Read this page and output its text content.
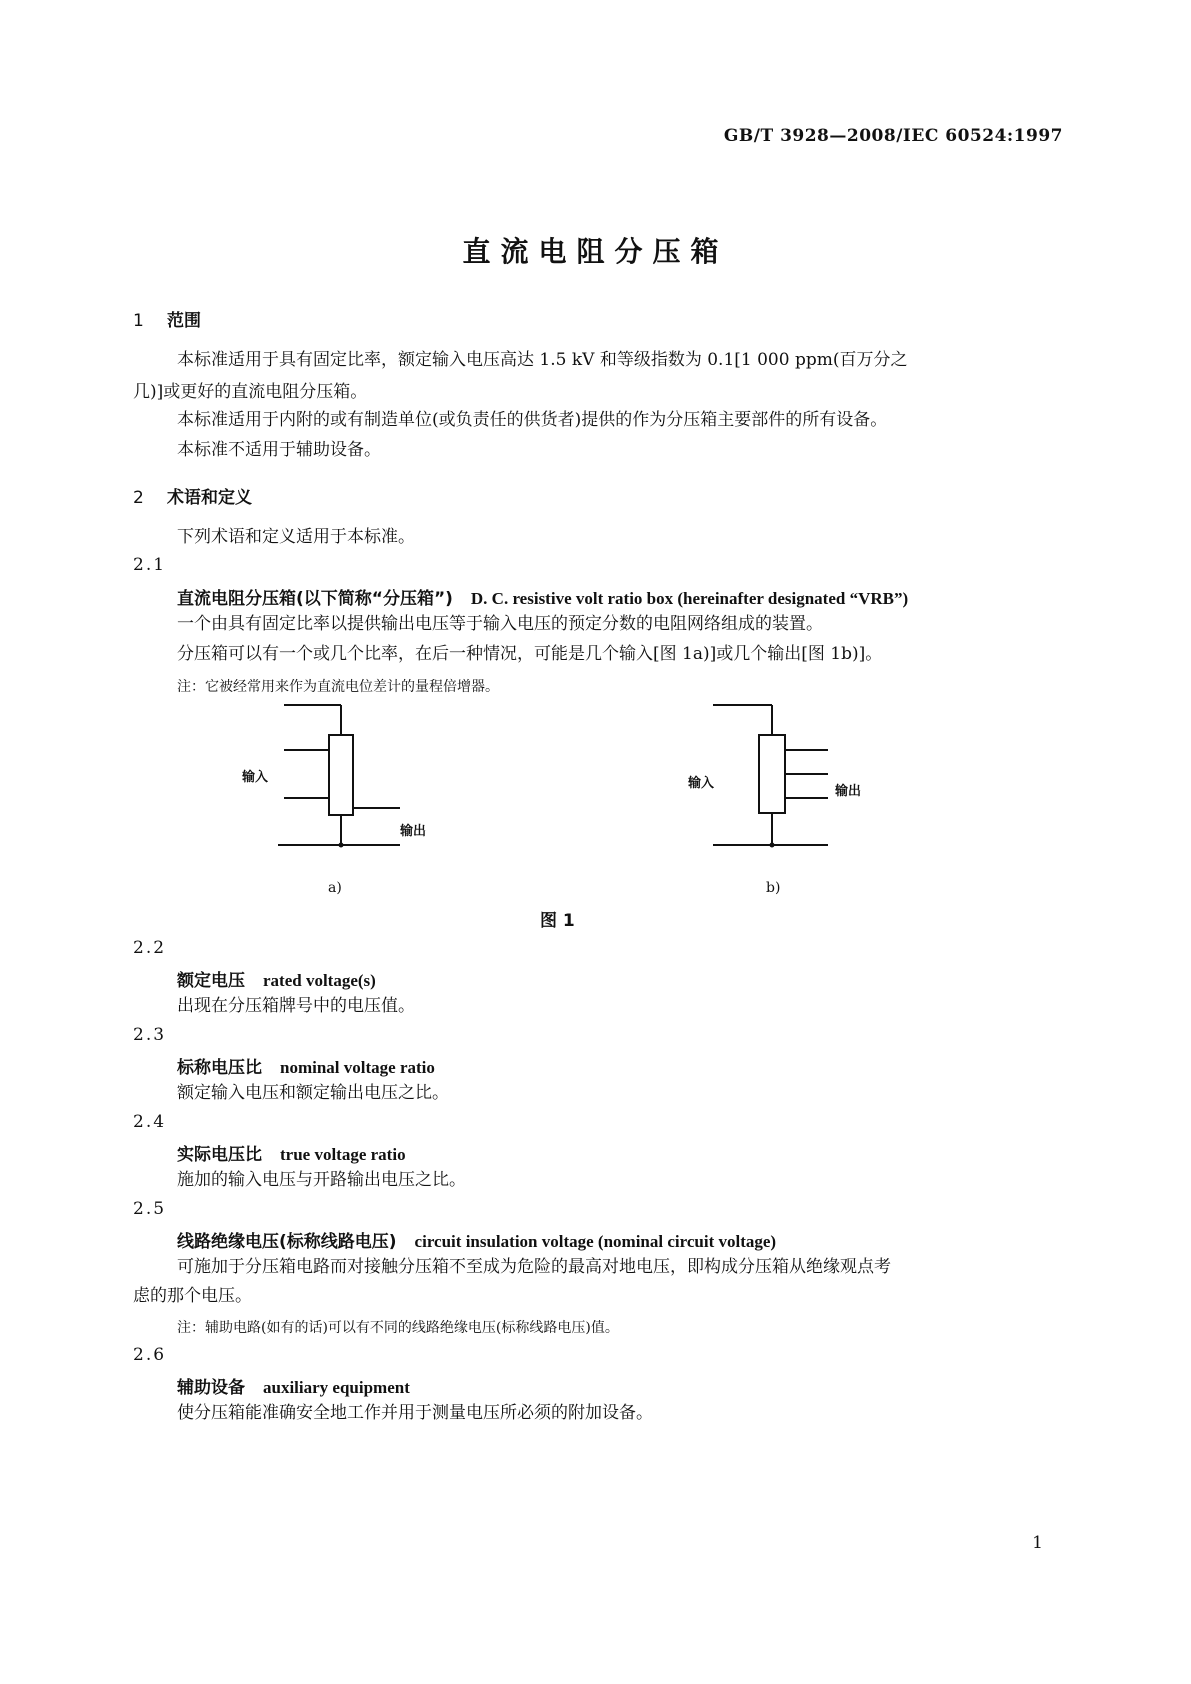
GB/T 3928—2008/IEC 60524:1997
直流电阻分压箱
1 范围
本标准适用于具有固定比率，额定输入电压高达 1.5 kV 和等级指数为 0.1[1 000 ppm(百万分之
几)]或更好的直流电阻分压箱。
本标准适用于内附的或有制造单位(或负责任的供货者)提供的作为分压箱主要部件的所有设备。
本标准不适用于辅助设备。
2 术语和定义
下列术语和定义适用于本标准。
2.1
直流电阻分压箱(以下简称“分压箱”) D. C. resistive volt ratio box (hereinafter designated “VRB”)
一个由具有固定比率以提供输出电压等于输入电压的预定分数的电阻网络组成的装置。
分压箱可以有一个或几个比率，在后一种情况，可能是几个输入[图 1a)]或几个输出[图 1b)]。
注：它被经常用来作为直流电位差计的量程倍增器。
输入
输出
a)
输入
输出
b)
图 1
2.2
额定电压 rated voltage(s)
出现在分压箱牌号中的电压值。
2.3
标称电压比 nominal voltage ratio
额定输入电压和额定输出电压之比。
2.4
实际电压比 true voltage ratio
施加的输入电压与开路输出电压之比。
2.5
线路绝缘电压(标称线路电压) circuit insulation voltage (nominal circuit voltage)
可施加于分压箱电路而对接触分压箱不至成为危险的最高对地电压，即构成分压箱从绝缘观点考
虑的那个电压。
注：辅助电路(如有的话)可以有不同的线路绝缘电压(标称线路电压)值。
2.6
辅助设备 auxiliary equipment
使分压箱能准确安全地工作并用于测量电压所必须的附加设备。
1
